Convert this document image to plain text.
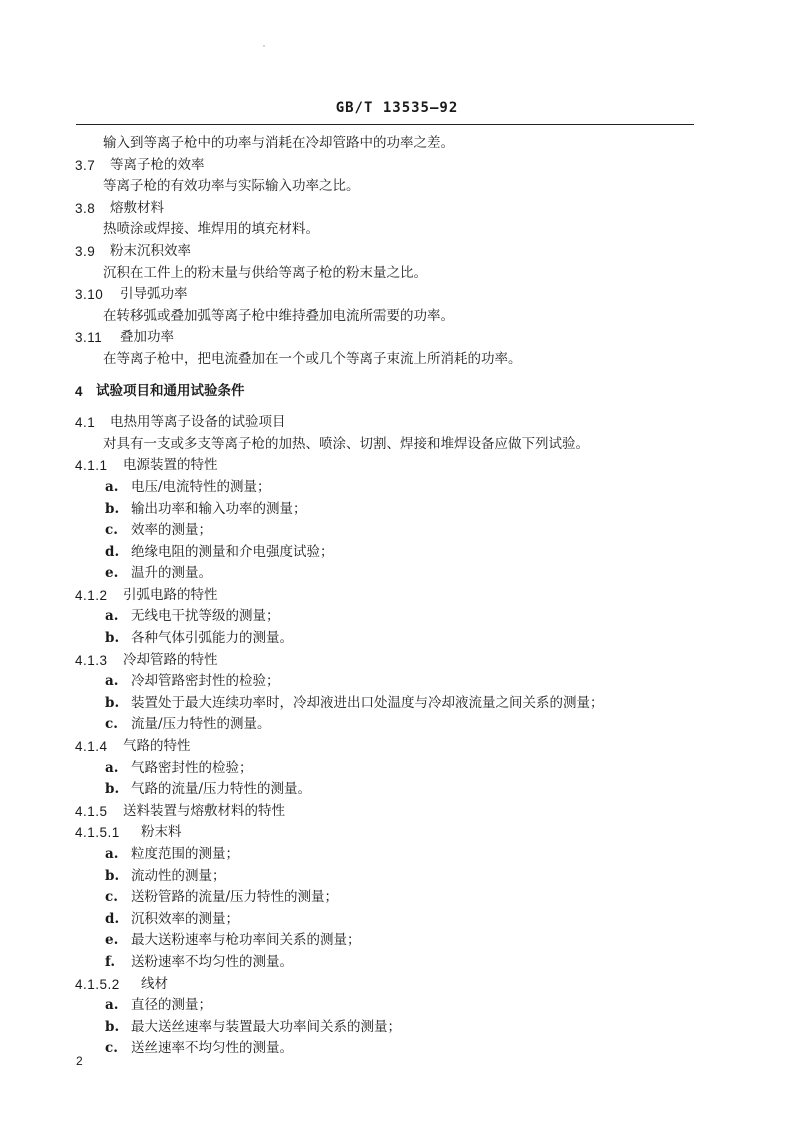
GB/T 13535—92
输入到等离子枪中的功率与消耗在冷却管路中的功率之差。
3.7 等离子枪的效率
等离子枪的有效功率与实际输入功率之比。
3.8 熔敷材料
热喷涂或焊接、堆焊用的填充材料。
3.9 粉末沉积效率
沉积在工件上的粉末量与供给等离子枪的粉末量之比。
3.10 引导弧功率
在转移弧或叠加弧等离子枪中维持叠加电流所需要的功率。
3.11 叠加功率
在等离子枪中，把电流叠加在一个或几个等离子束流上所消耗的功率。
4 试验项目和通用试验条件
4.1 电热用等离子设备的试验项目
对具有一支或多支等离子枪的加热、喷涂、切割、焊接和堆焊设备应做下列试验。
4.1.1 电源装置的特性
a. 电压/电流特性的测量；
b. 输出功率和输入功率的测量；
c. 效率的测量；
d. 绝缘电阻的测量和介电强度试验；
e. 温升的测量。
4.1.2 引弧电路的特性
a. 无线电干扰等级的测量；
b. 各种气体引弧能力的测量。
4.1.3 冷却管路的特性
a. 冷却管路密封性的检验；
b. 装置处于最大连续功率时，冷却液进出口处温度与冷却液流量之间关系的测量；
c. 流量/压力特性的测量。
4.1.4 气路的特性
a. 气路密封性的检验；
b. 气路的流量/压力特性的测量。
4.1.5 送料装置与熔敷材料的特性
4.1.5.1 粉末料
a. 粒度范围的测量；
b. 流动性的测量；
c. 送粉管路的流量/压力特性的测量；
d. 沉积效率的测量；
e. 最大送粉速率与枪功率间关系的测量；
f. 送粉速率不均匀性的测量。
4.1.5.2 线材
a. 直径的测量；
b. 最大送丝速率与装置最大功率间关系的测量；
c. 送丝速率不均匀性的测量。
2
